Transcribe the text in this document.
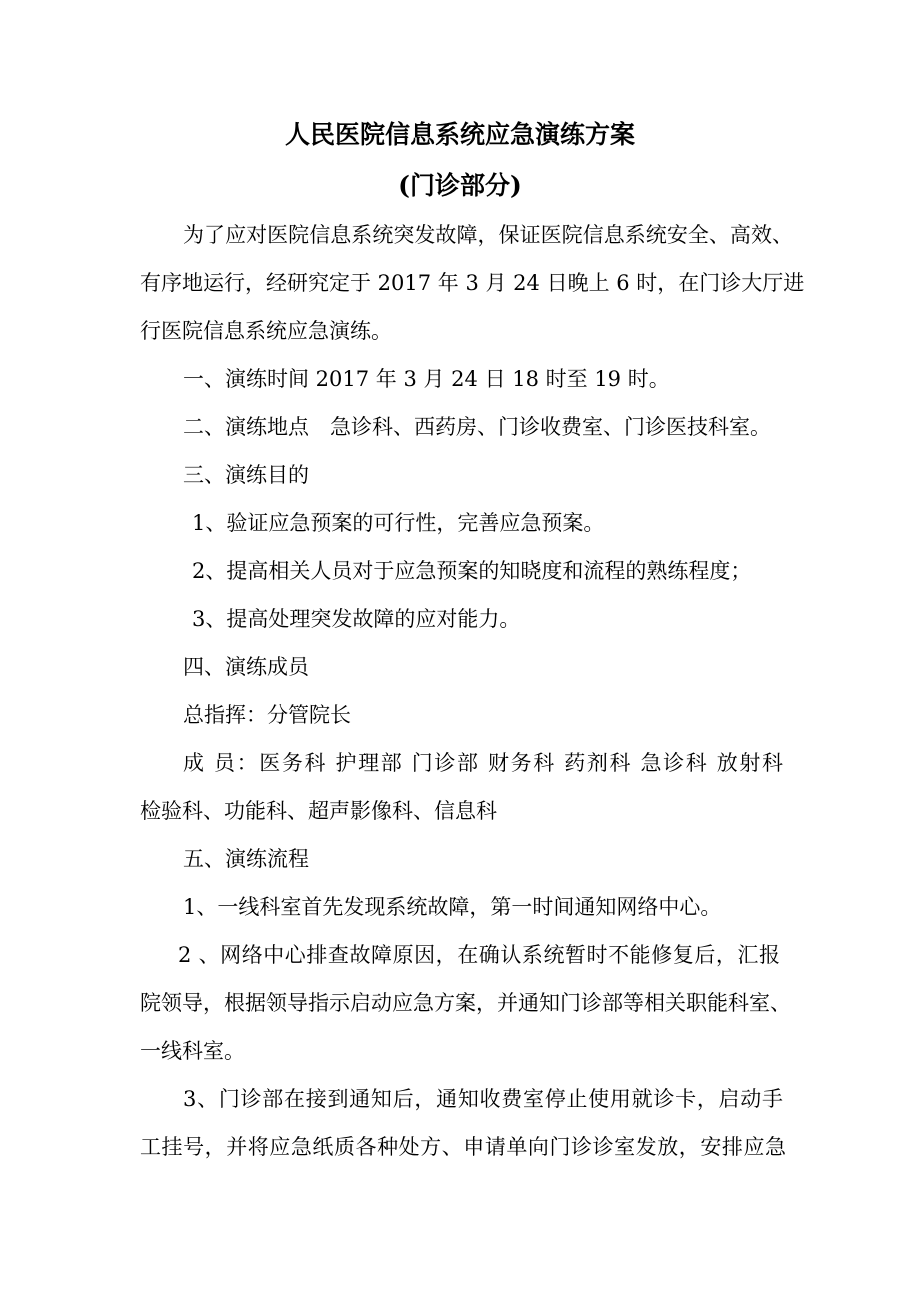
人民医院信息系统应急演练方案
(门诊部分)

为了应对医院信息系统突发故障，保证医院信息系统安全、高效、

有序地运行，经研究定于 2017 年 3 月 24 日晚上 6 时，在门诊大厅进

行医院信息系统应急演练。

一、演练时间 2017 年 3 月 24 日 18 时至 19 时。

二、演练地点　急诊科、西药房、门诊收费室、门诊医技科室。

三、演练目的

1、验证应急预案的可行性，完善应急预案。

2、提高相关人员对于应急预案的知晓度和流程的熟练程度；

3、提高处理突发故障的应对能力。

四、演练成员

总指挥：分管院长

成 员：医务科 护理部 门诊部 财务科 药剂科 急诊科 放射科

检验科、功能科、超声影像科、信息科

五、演练流程

1、一线科室首先发现系统故障，第一时间通知网络中心。

2 、网络中心排查故障原因，在确认系统暂时不能修复后，汇报

院领导，根据领导指示启动应急方案，并通知门诊部等相关职能科室、

一线科室。

3、门诊部在接到通知后，通知收费室停止使用就诊卡，启动手

工挂号，并将应急纸质各种处方、申请单向门诊诊室发放，安排应急
